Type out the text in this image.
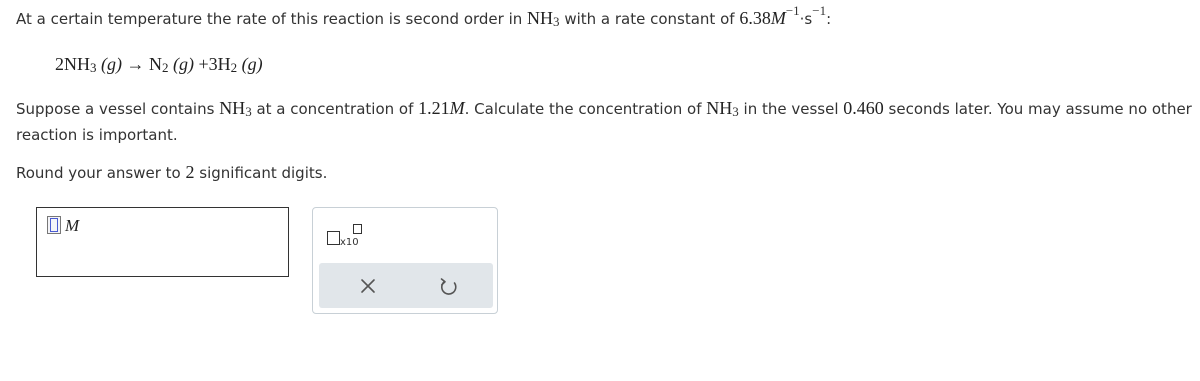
At a certain temperature the rate of this reaction is second order in $NH_3$ with a rate constant of $6.38M^{-1}\cdot s^{-1}$:
$2NH_3$ $(g) \to N_2$ $(g) +3H_2$ (g)
Suppose a vessel contains $NH_3$ at a concentration of 1.21M. Calculate the concentration of $NH_3$ in the vessel 0.460 seconds later. You may assume no other
reaction is important.
Round your answer to 2 significant digits.
M
x10
